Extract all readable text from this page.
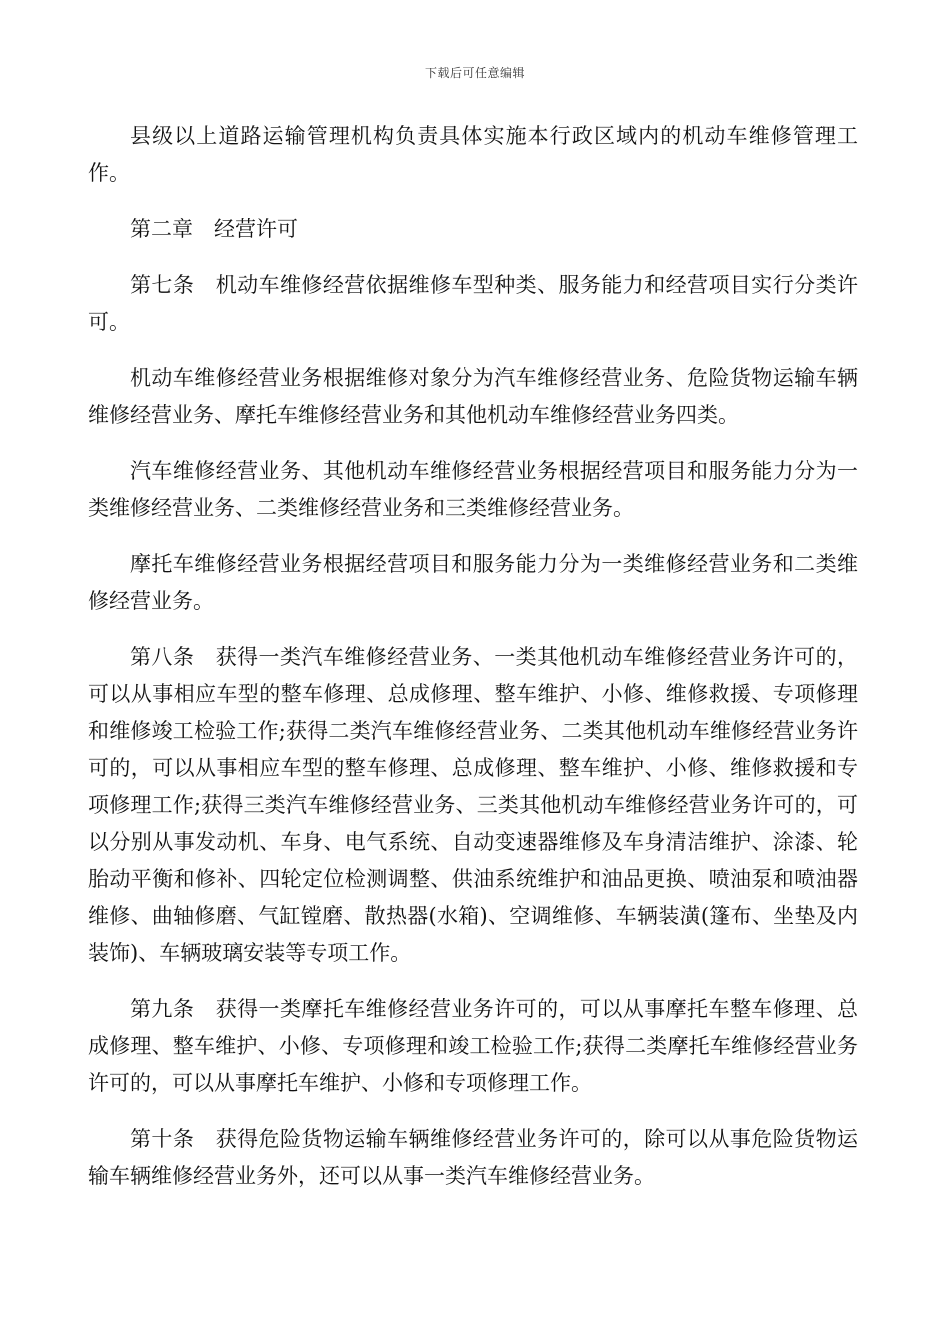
下载后可任意编辑

县级以上道路运输管理机构负责具体实施本行政区域内的机动车维修管理工作。

第二章 经营许可

第七条 机动车维修经营依据维修车型种类、服务能力和经营项目实行分类许可。

机动车维修经营业务根据维修对象分为汽车维修经营业务、危险货物运输车辆维修经营业务、摩托车维修经营业务和其他机动车维修经营业务四类。

汽车维修经营业务、其他机动车维修经营业务根据经营项目和服务能力分为一类维修经营业务、二类维修经营业务和三类维修经营业务。

摩托车维修经营业务根据经营项目和服务能力分为一类维修经营业务和二类维修经营业务。

第八条 获得一类汽车维修经营业务、一类其他机动车维修经营业务许可的，可以从事相应车型的整车修理、总成修理、整车维护、小修、维修救援、专项修理和维修竣工检验工作;获得二类汽车维修经营业务、二类其他机动车维修经营业务许可的，可以从事相应车型的整车修理、总成修理、整车维护、小修、维修救援和专项修理工作;获得三类汽车维修经营业务、三类其他机动车维修经营业务许可的，可以分别从事发动机、车身、电气系统、自动变速器维修及车身清洁维护、涂漆、轮胎动平衡和修补、四轮定位检测调整、供油系统维护和油品更换、喷油泵和喷油器维修、曲轴修磨、气缸镗磨、散热器(水箱)、空调维修、车辆装潢(篷布、坐垫及内装饰)、车辆玻璃安装等专项工作。

第九条 获得一类摩托车维修经营业务许可的，可以从事摩托车整车修理、总成修理、整车维护、小修、专项修理和竣工检验工作;获得二类摩托车维修经营业务许可的，可以从事摩托车维护、小修和专项修理工作。

第十条 获得危险货物运输车辆维修经营业务许可的，除可以从事危险货物运输车辆维修经营业务外，还可以从事一类汽车维修经营业务。
